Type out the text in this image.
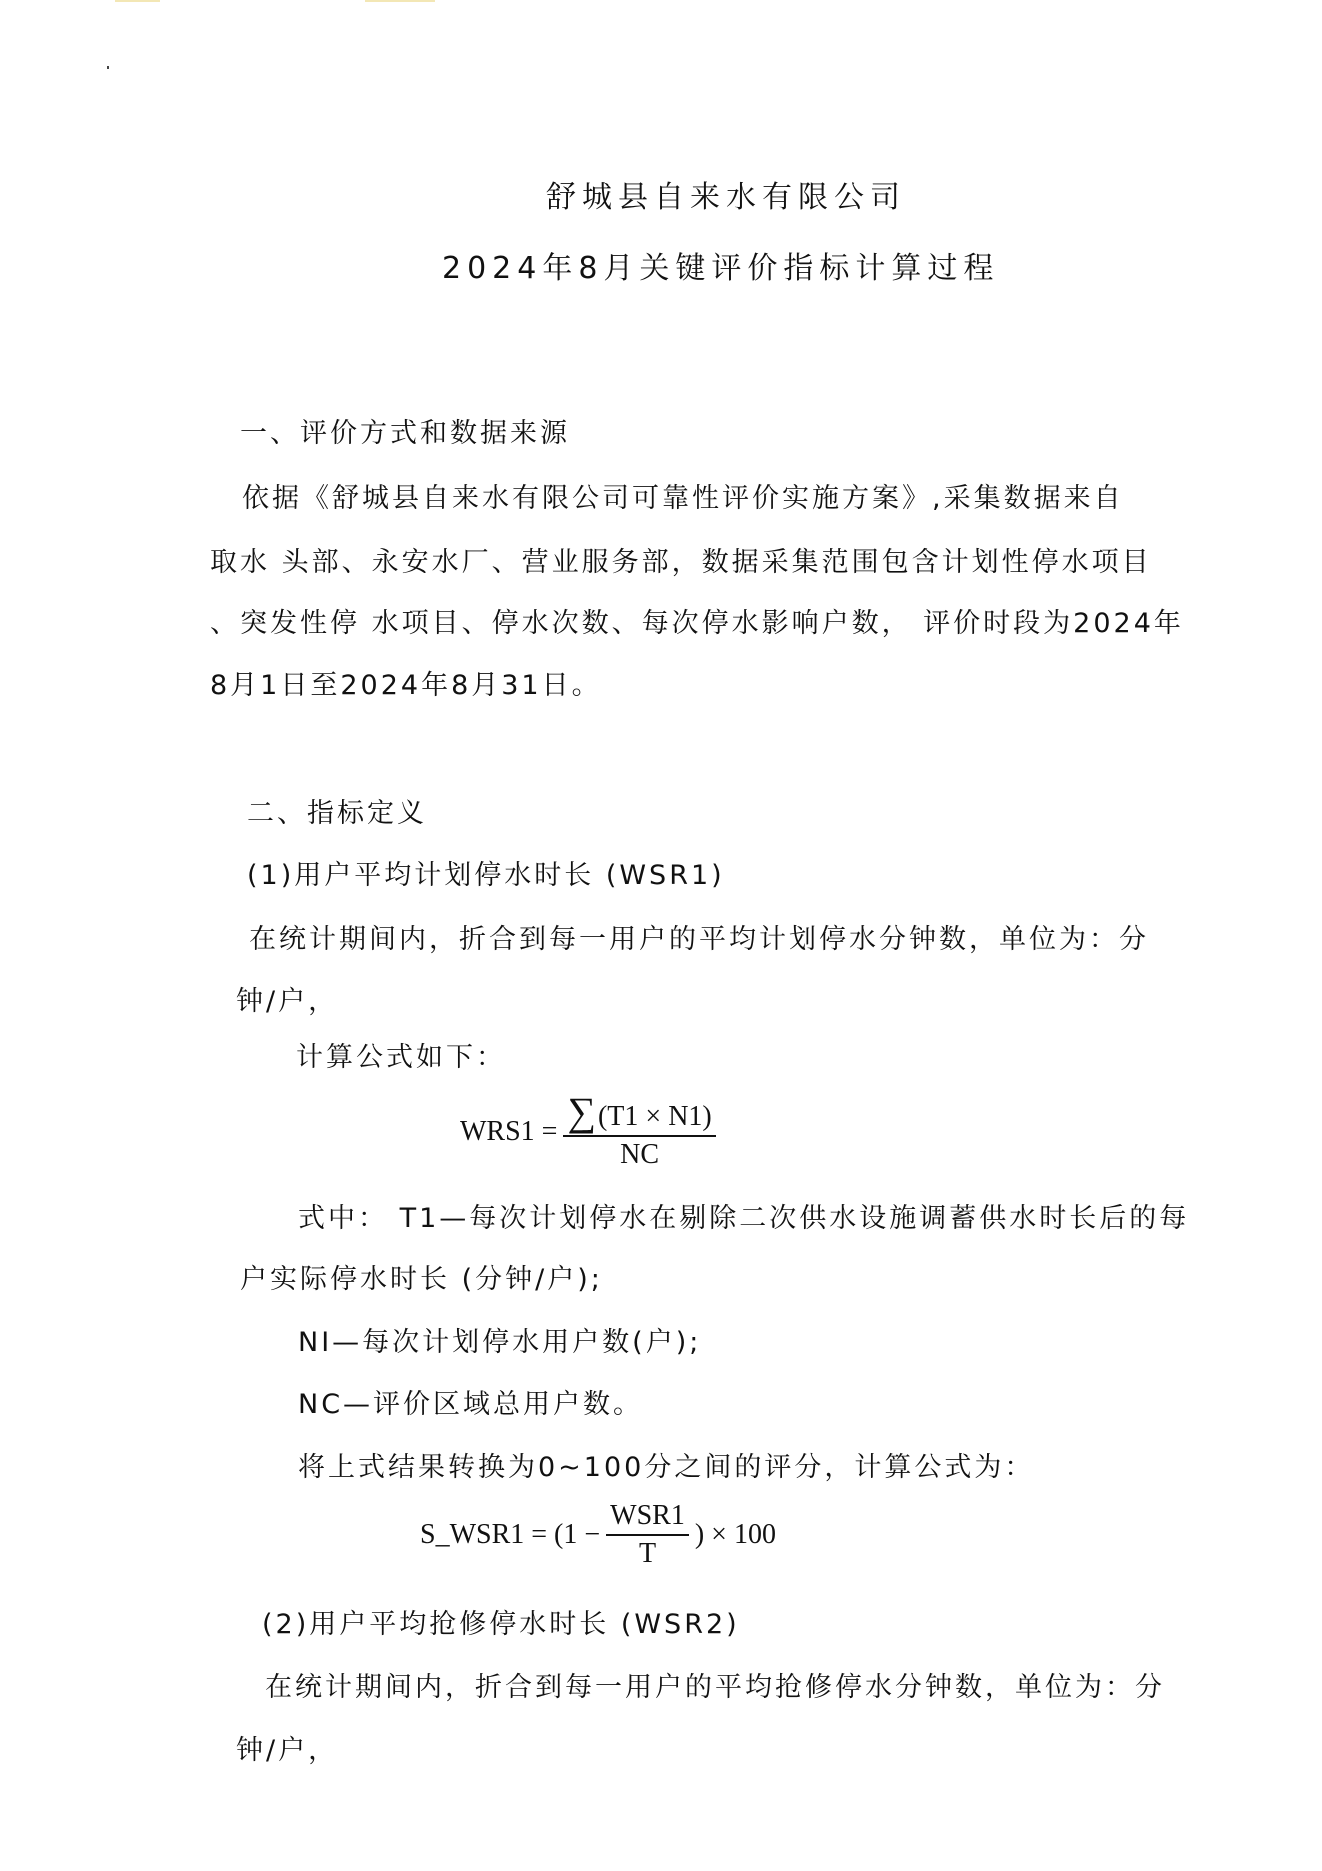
舒城县自来水有限公司
2024年8月关键评价指标计算过程
一、评价方式和数据来源
依据《舒城县自来水有限公司可靠性评价实施方案》,采集数据来自
取水 头部、永安水厂、营业服务部，数据采集范围包含计划性停水项目
、突发性停 水项目、停水次数、每次停水影响户数， 评价时段为2024年
8月1日至2024年8月31日。
二、指标定义
(1)用户平均计划停水时长 (WSR1)
在统计期间内，折合到每一用户的平均计划停水分钟数，单位为：分
钟/户，
计算公式如下：
$WRS1 = \frac{\sum(T1 \times N1)}{NC}$
式中： T1—每次计划停水在剔除二次供水设施调蓄供水时长后的每
户实际停水时长 (分钟/户);
NI—每次计划停水用户数(户);
NC—评价区域总用户数。
将上式结果转换为0~100分之间的评分，计算公式为：
S_WSR1 = ($1 - \frac{\text{WSR1}}{T}$ ) × 100
(2)用户平均抢修停水时长 (WSR2)
在统计期间内，折合到每一用户的平均抢修停水分钟数，单位为：分
钟/户，
